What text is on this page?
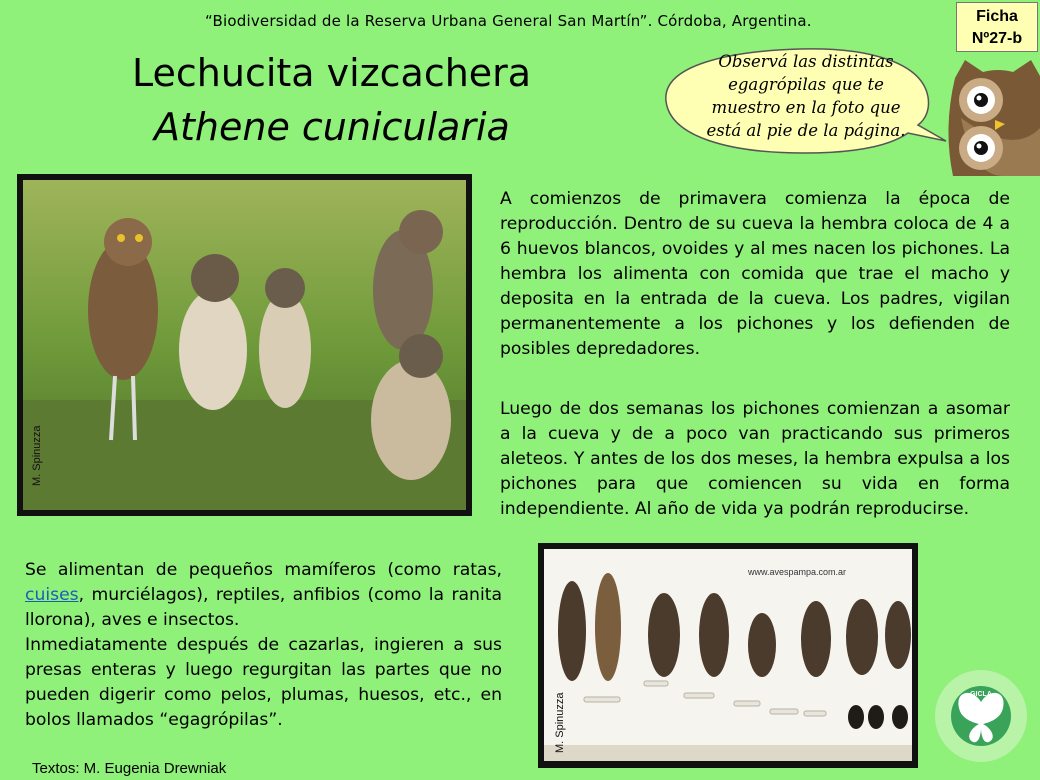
“Biodiversidad de la Reserva Urbana General San Martín”. Córdoba, Argentina.	Ficha
Nº27-b
Lechucita vizcachera
Athene cunicularia
Observá las distintas
egagrópilas que te
muestro en la foto que
está al pie de la página.
M. Spinuzza
A comienzos de primavera comienza la época de reproducción. Dentro de su cueva la hembra coloca de 4 a 6 huevos blancos, ovoides y al mes nacen los pichones. La hembra los alimenta con comida que trae el macho y deposita en la entrada de la cueva. Los padres, vigilan permanentemente a los pichones y los defienden de posibles depredadores.
Luego de dos semanas los pichones comienzan a asomar a la cueva y de a poco van practicando sus primeros aleteos. Y antes de los dos meses, la hembra expulsa a los pichones para que comiencen su vida en forma independiente. Al año de vida ya podrán reproducirse.
Se alimentan de pequeños mamíferos (como ratas, cuises, murciélagos), reptiles, anfibios (como la ranita llorona), aves e insectos.
Inmediatamente después de cazarlas, ingieren a sus presas enteras y luego regurgitan las partes que no pueden digerir como pelos, plumas, huesos, etc., en bolos llamados “egagrópilas”.
www.avespampa.com.ar
M. Spinuzza	GICLA
Textos: M. Eugenia Drewniak
